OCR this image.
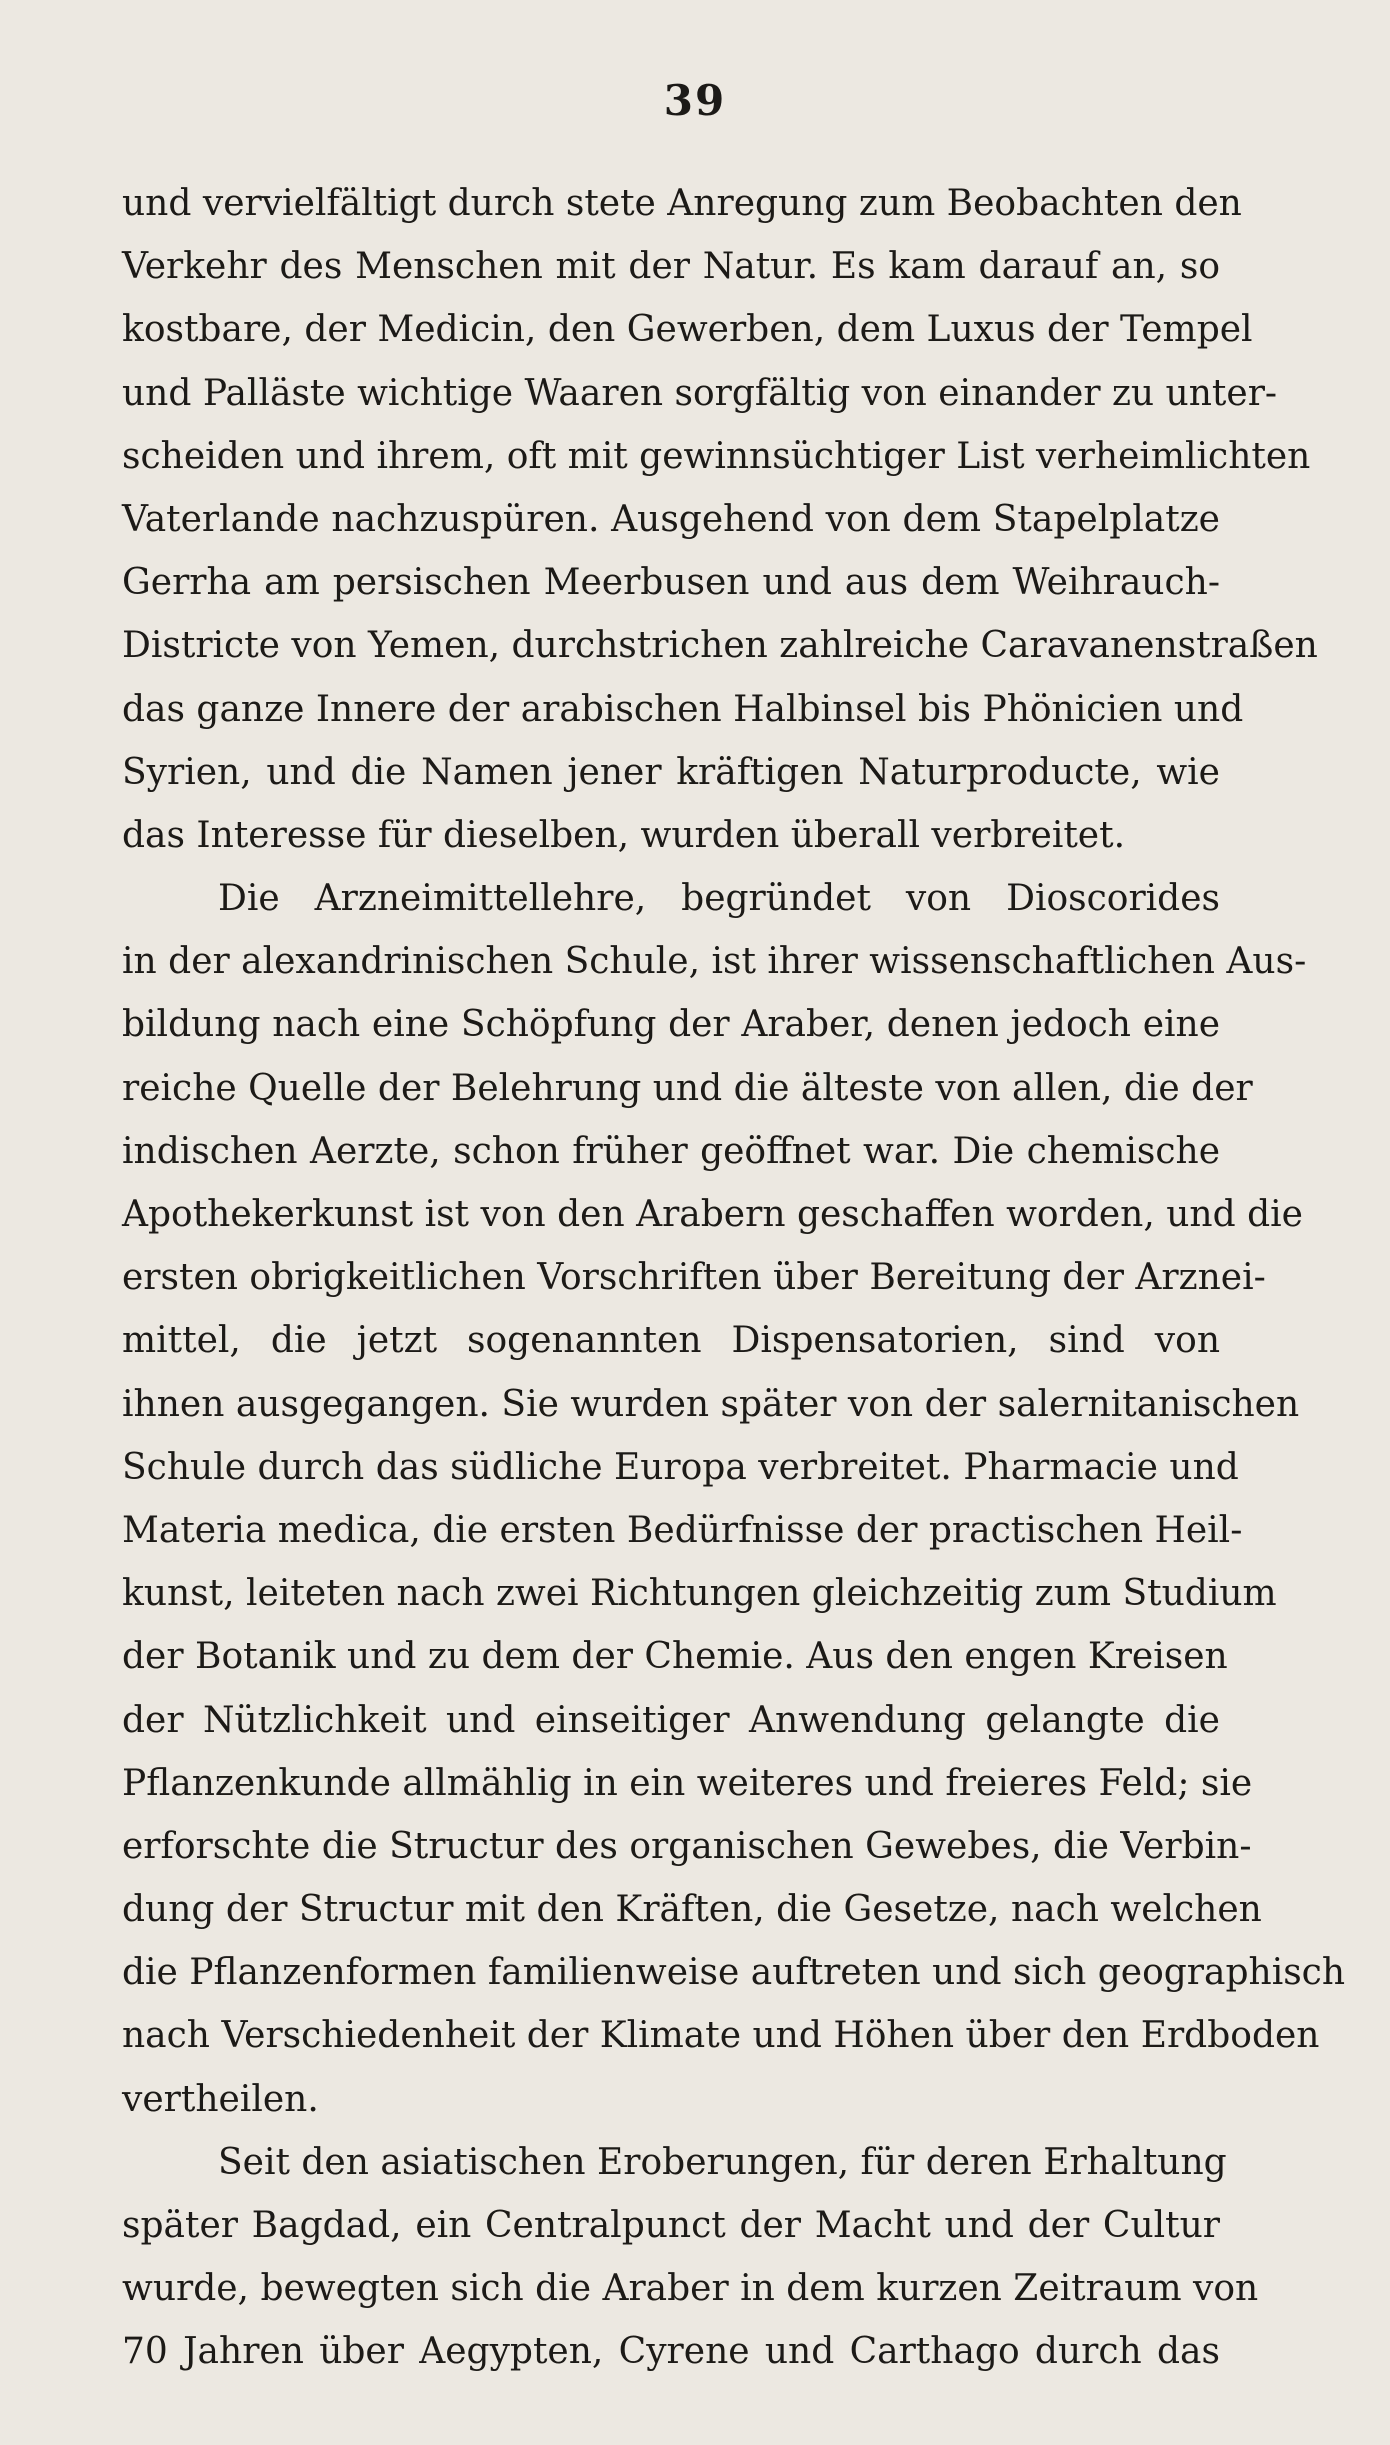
39
und vervielfältigt durch stete Anregung zum Beobachten den
Verkehr des Menschen mit der Natur. Es kam darauf an, so
kostbare, der Medicin, den Gewerben, dem Luxus der Tempel
und Palläste wichtige Waaren sorgfältig von einander zu unter-
scheiden und ihrem, oft mit gewinnsüchtiger List verheimlichten
Vaterlande nachzuspüren. Ausgehend von dem Stapelplatze
Gerrha am persischen Meerbusen und aus dem Weihrauch-
Districte von Yemen, durchstrichen zahlreiche Caravanenstraßen
das ganze Innere der arabischen Halbinsel bis Phönicien und
Syrien, und die Namen jener kräftigen Naturproducte, wie
das Interesse für dieselben, wurden überall verbreitet.
Die Arzneimittellehre, begründet von Dioscorides
in der alexandrinischen Schule, ist ihrer wissenschaftlichen Aus-
bildung nach eine Schöpfung der Araber, denen jedoch eine
reiche Quelle der Belehrung und die älteste von allen, die der
indischen Aerzte, schon früher geöffnet war. Die chemische
Apothekerkunst ist von den Arabern geschaffen worden, und die
ersten obrigkeitlichen Vorschriften über Bereitung der Arznei-
mittel, die jetzt sogenannten Dispensatorien, sind von
ihnen ausgegangen. Sie wurden später von der salernitanischen
Schule durch das südliche Europa verbreitet. Pharmacie und
Materia medica, die ersten Bedürfnisse der practischen Heil-
kunst, leiteten nach zwei Richtungen gleichzeitig zum Studium
der Botanik und zu dem der Chemie. Aus den engen Kreisen
der Nützlichkeit und einseitiger Anwendung gelangte die
Pflanzenkunde allmählig in ein weiteres und freieres Feld; sie
erforschte die Structur des organischen Gewebes, die Verbin-
dung der Structur mit den Kräften, die Gesetze, nach welchen
die Pflanzenformen familienweise auftreten und sich geographisch
nach Verschiedenheit der Klimate und Höhen über den Erdboden
vertheilen.
Seit den asiatischen Eroberungen, für deren Erhaltung
später Bagdad, ein Centralpunct der Macht und der Cultur
wurde, bewegten sich die Araber in dem kurzen Zeitraum von
70 Jahren über Aegypten, Cyrene und Carthago durch das
